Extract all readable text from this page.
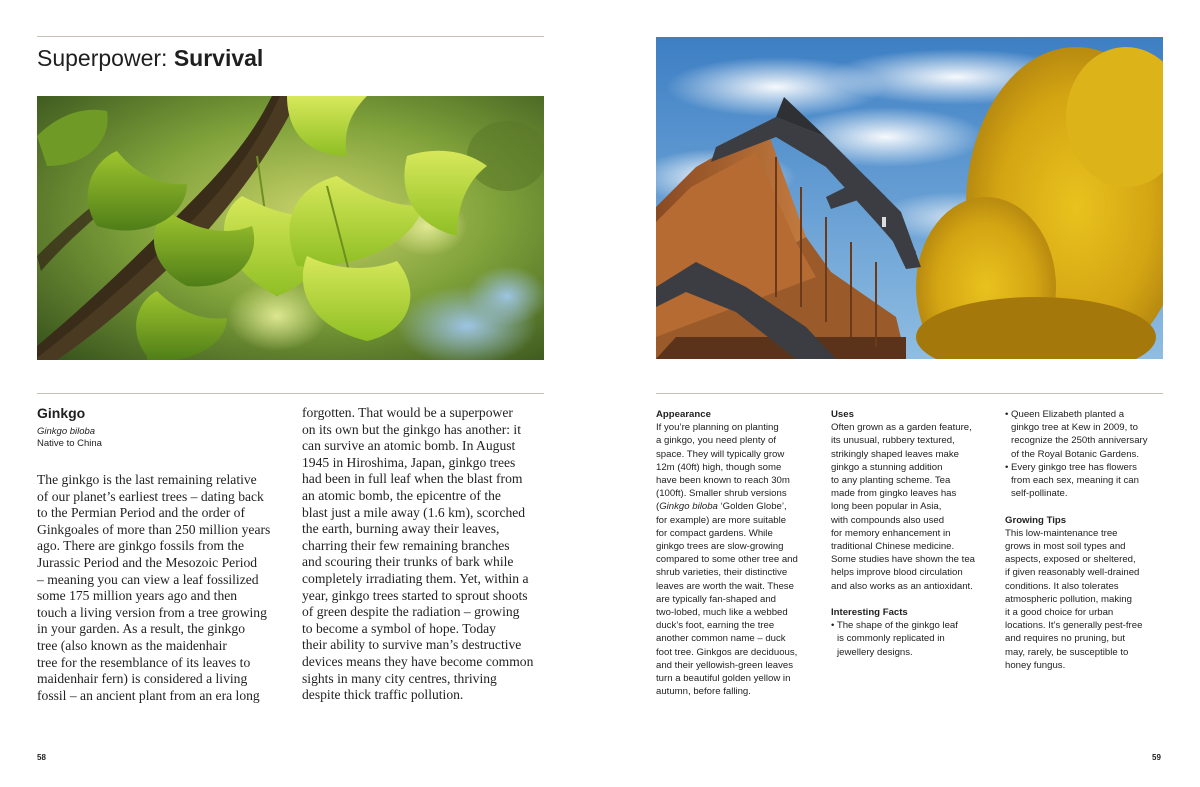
Superpower: Survival
Ginkgo
Ginkgo biloba
Native to China

The ginkgo is the last remaining relative

of our planet’s earliest trees – dating back

to the Permian Period and the order of

Ginkgoales of more than 250 million years

ago. There are ginkgo fossils from the

Jurassic Period and the Mesozoic Period

– meaning you can view a leaf fossilized

some 175 million years ago and then

touch a living version from a tree growing

in your garden. As a result, the ginkgo

tree (also known as the maidenhair

tree for the resemblance of its leaves to

maidenhair fern) is considered a living

fossil – an ancient plant from an era long

forgotten. That would be a superpower

on its own but the ginkgo has another: it

can survive an atomic bomb. In August

1945 in Hiroshima, Japan, ginkgo trees

had been in full leaf when the blast from

an atomic bomb, the epicentre of the

blast just a mile away (1.6 km), scorched

the earth, burning away their leaves,

charring their few remaining branches

and scouring their trunks of bark while

completely irradiating them. Yet, within a

year, ginkgo trees started to sprout shoots

of green despite the radiation – growing

to become a symbol of hope. Today

their ability to survive man’s destructive

devices means they have become common

sights in many city centres, thriving

despite thick traffic pollution.

58

Appearance

If you’re planning on planting

a ginkgo, you need plenty of

space. They will typically grow

12m (40ft) high, though some

have been known to reach 30m

(100ft). Smaller shrub versions

(Ginkgo biloba ‘Golden Globe’,

for example) are more suitable

for compact gardens. While

ginkgo trees are slow-growing

compared to some other tree and

shrub varieties, their distinctive

leaves are worth the wait. These

are typically fan-shaped and

two-lobed, much like a webbed

duck’s foot, earning the tree

another common name – duck

foot tree. Ginkgos are deciduous,

and their yellowish-green leaves

turn a beautiful golden yellow in

autumn, before falling.

Uses

Often grown as a garden feature,

its unusual, rubbery textured,

strikingly shaped leaves make

ginkgo a stunning addition

to any planting scheme. Tea

made from gingko leaves has

long been popular in Asia,

with compounds also used

for memory enhancement in

traditional Chinese medicine.

Some studies have shown the tea

helps improve blood circulation

and also works as an antioxidant.

Interesting Facts

• The shape of the ginkgo leaf

is commonly replicated in

jewellery designs.

• Queen Elizabeth planted a

ginkgo tree at Kew in 2009, to

recognize the 250th anniversary

of the Royal Botanic Gardens.

• Every ginkgo tree has flowers

from each sex, meaning it can

self-pollinate.

Growing Tips

This low-maintenance tree

grows in most soil types and

aspects, exposed or sheltered,

if given reasonably well-drained

conditions. It also tolerates

atmospheric pollution, making

it a good choice for urban

locations. It’s generally pest-free

and requires no pruning, but

may, rarely, be susceptible to

honey fungus.

59
